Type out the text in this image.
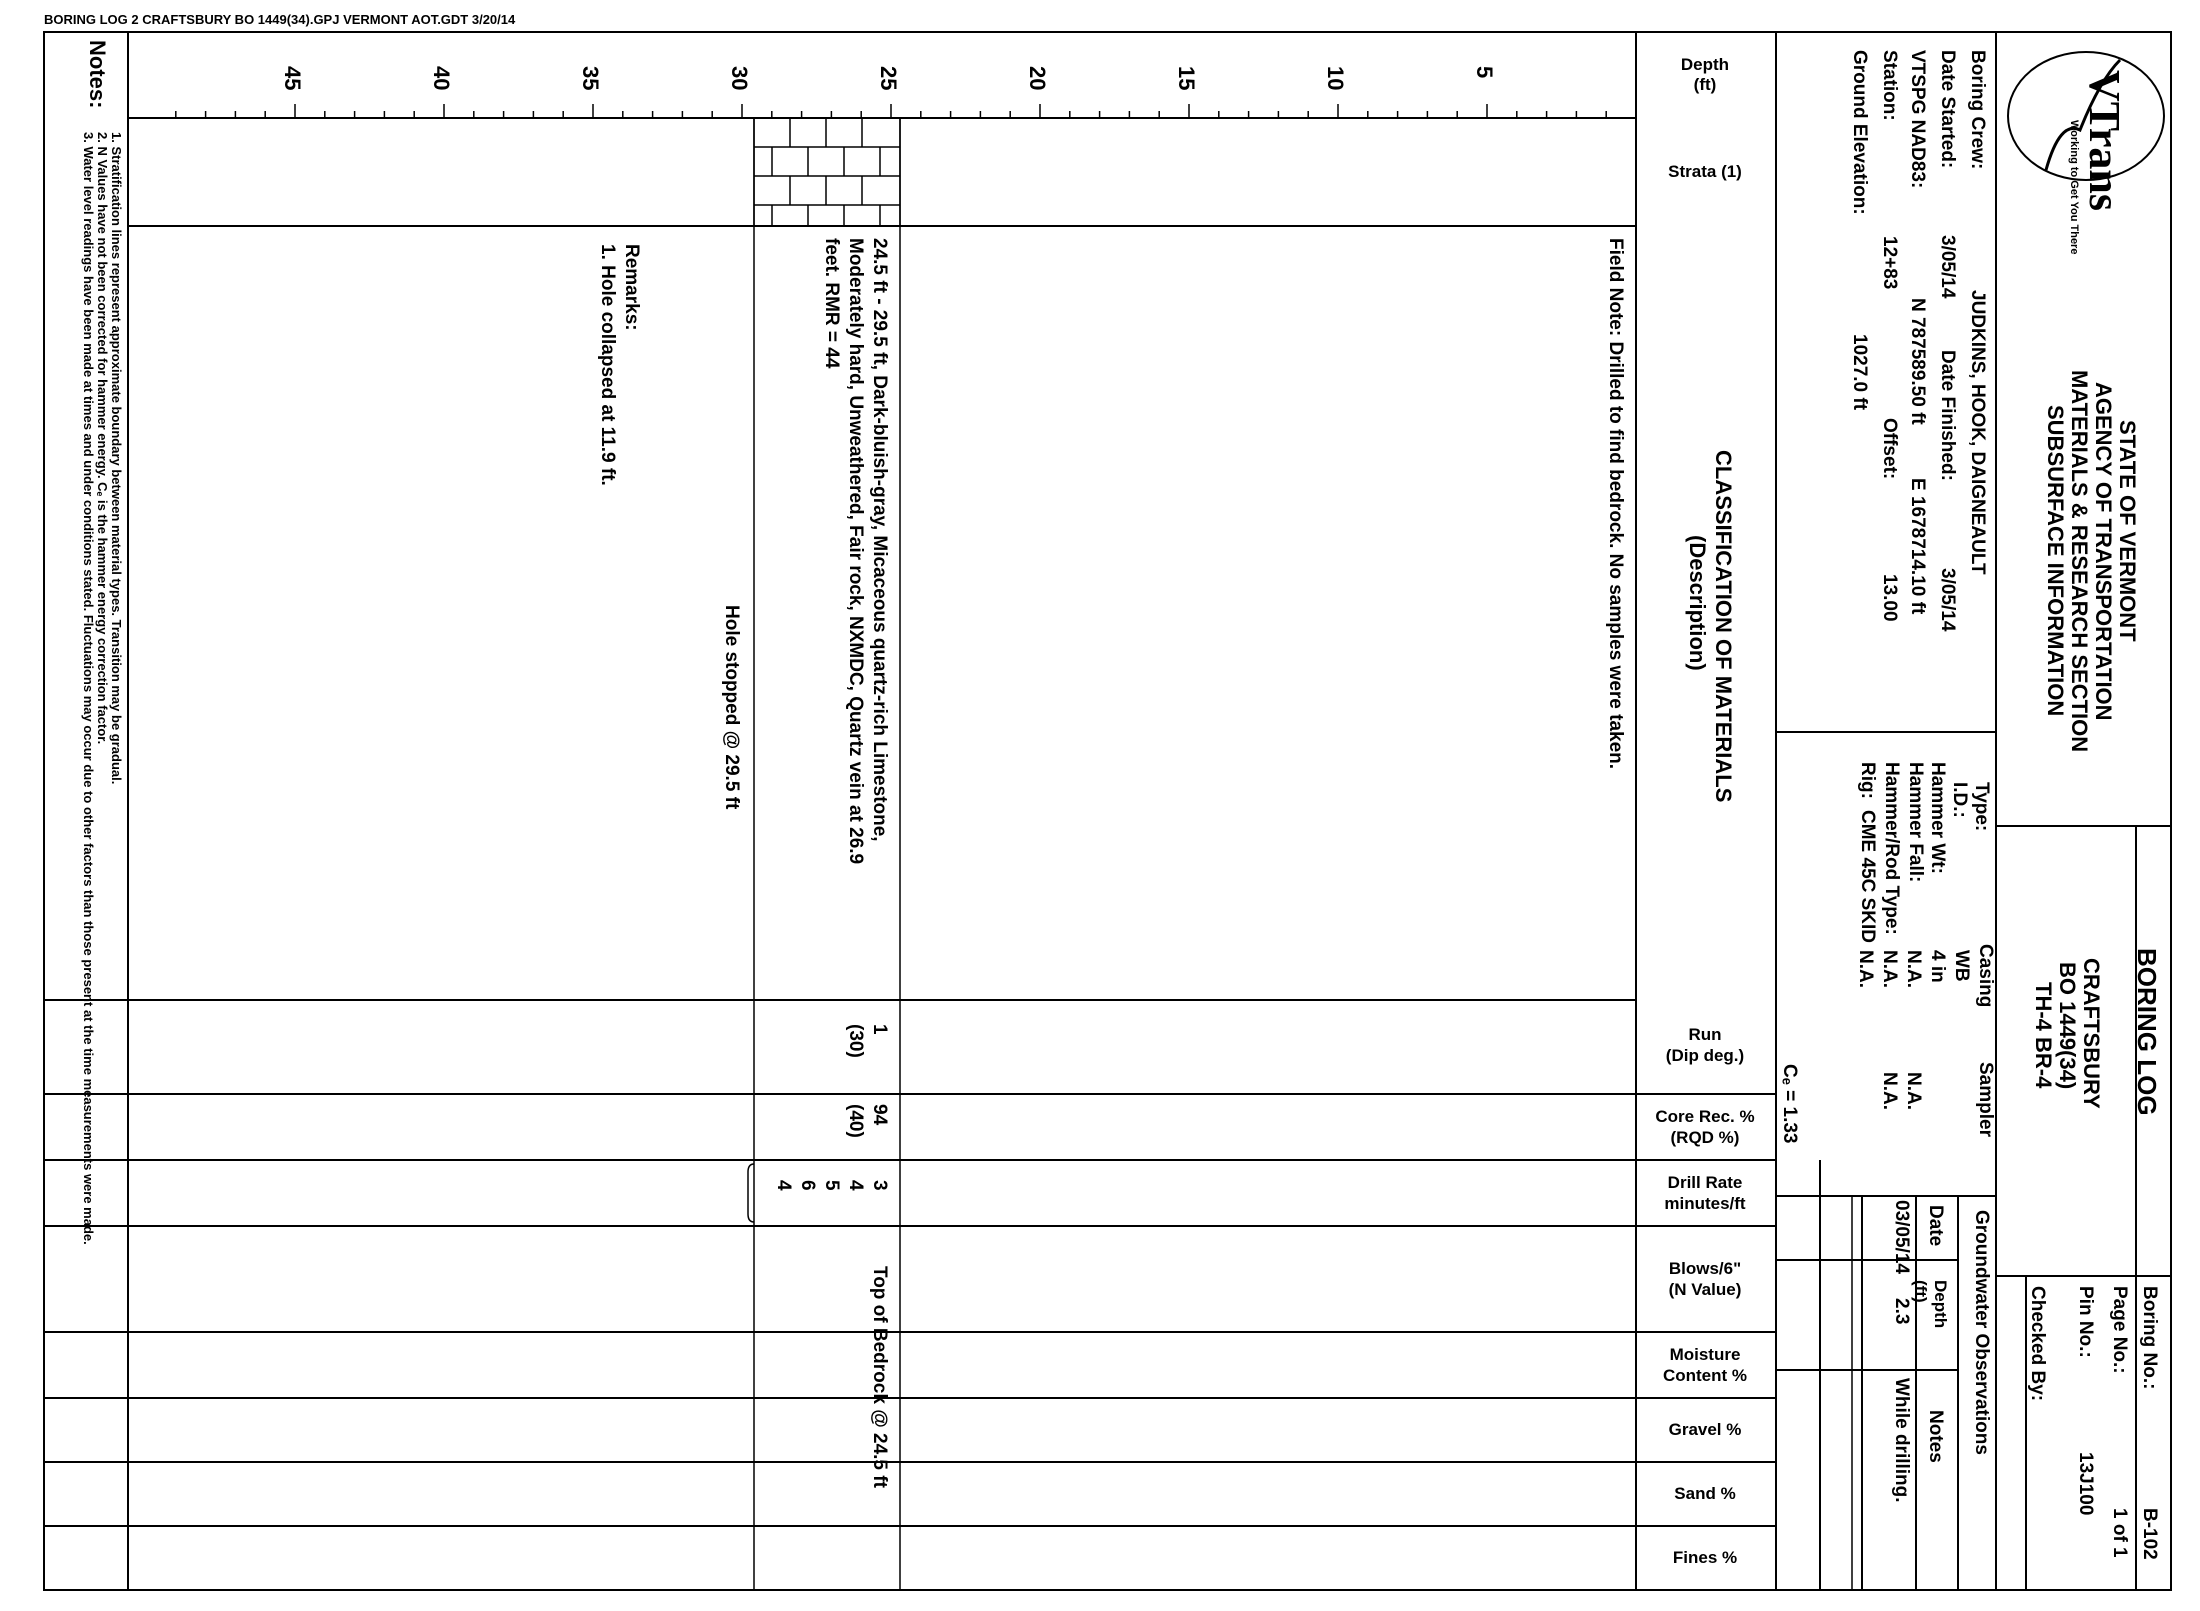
BORING LOG 2 CRAFTSBURY BO 1449(34).GPJ VERMONT AOT.GDT 3/20/14
VTrans
Working to Get You There
STATE OF VERMONT
AGENCY OF TRANSPORTATION
MATERIALS & RESEARCH SECTION
SUBSURFACE INFORMATION
BORING LOG
CRAFTSBURY
BO 1449(34)
TH-4 BR-4
Boring No.:
B-102
Page No.:
1 of 1
Pin No.:
13J100
Checked By:
Boring Crew:
JUDKINS, HOOK, DAIGNEAULT
Date Started:
3/05/14
Date Finished:
3/05/14
VTSPG NAD83:
N 787589.50 ft
E 1678714.10 ft
Station:
12+83
Offset:
13.00
Ground Elevation:
1027.0 ft
Type:
I.D.:
Hammer Wt:
Hammer Fall:
Hammer/Rod Type:
Rig:
CME 45C SKID
Casing
Sampler
WB
4 in
N.A.
N.A.
N.A.
N.A.
N.A.
Cₑ = 1.33
Groundwater Observations
Date
Depth
(ft)
Notes
03/05/14
2.3
While drilling.
Depth
(ft)
Strata (1)
CLASSIFICATION OF MATERIALS
(Description)
Run
(Dip deg.)
Core Rec. %
(RQD %)
Drill Rate
minutes/ft
Blows/6"
(N Value)
Moisture
Content %
Gravel %
Sand %
Fines %
5
10
15
20
25
30
35
40
45
Field Note: Drilled to find bedrock. No samples were taken.
24.5 ft - 29.5 ft, Dark-bluish-gray, Micaceous quartz-rich Limestone,
Moderately hard, Unweathered, Fair rock, NXMDC, Quartz vein at 26.9
feet. RMR = 44
Hole stopped @ 29.5 ft
Remarks:
1. Hole collapsed at 11.9 ft.
Top of Bedrock @ 24.5 ft
1
(30)
94
(40)
3
4
5
6
4
Notes:
1. Stratification lines represent approximate boundary between material types. Transition may be gradual.
2. N Values have not been corrected for hammer energy. Cₑ is the hammer energy correction factor.
3. Water level readings have been made at times and under conditions stated. Fluctuations may occur due to other factors than those present at the time measurements were made.
